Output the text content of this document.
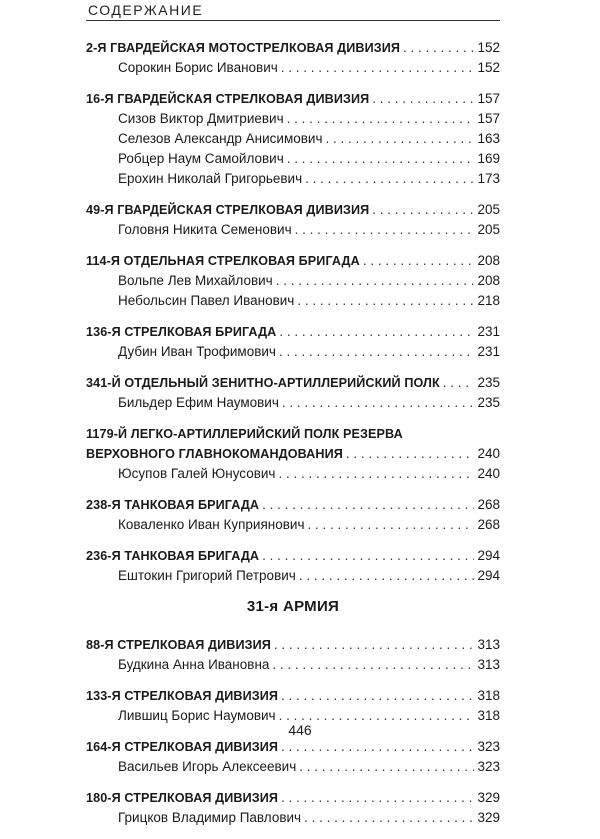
СОДЕРЖАНИЕ
2-Я ГВАРДЕЙСКАЯ МОТОСТРЕЛКОВАЯ ДИВИЗИЯ . . .	152
Сорокин Борис Иванович . . .	152
16-Я ГВАРДЕЙСКАЯ СТРЕЛКОВАЯ ДИВИЗИЯ . . .	157
Сизов Виктор Дмитриевич . . .	157
Селезов Александр Анисимович . . .	163
Робцер Наум Самойлович . . .	169
Ерохин Николай Григорьевич . . .	173
49-Я ГВАРДЕЙСКАЯ СТРЕЛКОВАЯ ДИВИЗИЯ . . .	205
Головня Никита Семенович . . .	205
114-Я ОТДЕЛЬНАЯ СТРЕЛКОВАЯ БРИГАДА . . .	208
Вольпе Лев Михайлович . . .	208
Небольсин Павел Иванович . . .	218
136-Я СТРЕЛКОВАЯ БРИГАДА . . .	231
Дубин Иван Трофимович . . .	231
341-Й ОТДЕЛЬНЫЙ ЗЕНИТНО-АРТИЛЛЕРИЙСКИЙ ПОЛК . . .	235
Бильдер Ефим Наумович . . .	235
1179-Й ЛЕГКО-АРТИЛЛЕРИЙСКИЙ ПОЛК РЕЗЕРВА
ВЕРХОВНОГО ГЛАВНОКОМАНДОВАНИЯ . . .	240
Юсупов Галей Юнусович . . .	240
238-Я ТАНКОВАЯ БРИГАДА . . .	268
Коваленко Иван Куприянович . . .	268
236-Я ТАНКОВАЯ БРИГАДА . . .	294
Ештокин Григорий Петрович . . .	294
31-я АРМИЯ
88-Я СТРЕЛКОВАЯ ДИВИЗИЯ . . .	313
Будкина Анна Ивановна . . .	313
133-Я СТРЕЛКОВАЯ ДИВИЗИЯ . . .	318
Лившиц Борис Наумович . . .	318
164-Я СТРЕЛКОВАЯ ДИВИЗИЯ . . .	323
Васильев Игорь Алексеевич . . .	323
180-Я СТРЕЛКОВАЯ ДИВИЗИЯ . . .	329
Грицков Владимир Павлович . . .	329
446
